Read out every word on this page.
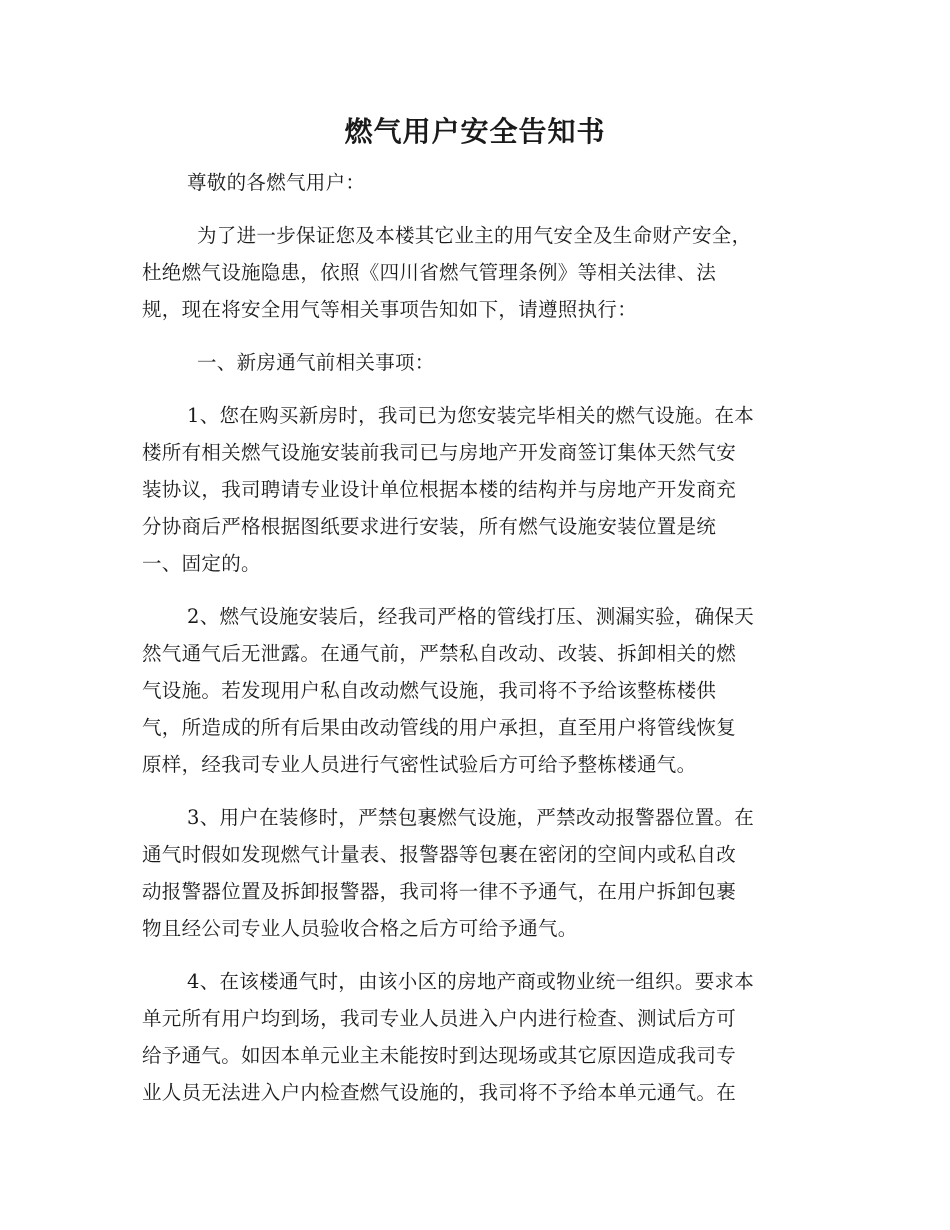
燃气用户安全告知书
尊敬的各燃气用户：
为了进一步保证您及本楼其它业主的用气安全及生命财产安全，
杜绝燃气设施隐患，依照《四川省燃气管理条例》等相关法律、法
规，现在将安全用气等相关事项告知如下，请遵照执行：
一、新房通气前相关事项：
1、您在购买新房时，我司已为您安装完毕相关的燃气设施。在本
楼所有相关燃气设施安装前我司已与房地产开发商签订集体天然气安
装协议，我司聘请专业设计单位根据本楼的结构并与房地产开发商充
分协商后严格根据图纸要求进行安装，所有燃气设施安装位置是统
一、固定的。
2、燃气设施安装后，经我司严格的管线打压、测漏实验，确保天
然气通气后无泄露。在通气前，严禁私自改动、改装、拆卸相关的燃
气设施。若发现用户私自改动燃气设施，我司将不予给该整栋楼供
气，所造成的所有后果由改动管线的用户承担，直至用户将管线恢复
原样，经我司专业人员进行气密性试验后方可给予整栋楼通气。
3、用户在装修时，严禁包裹燃气设施，严禁改动报警器位置。在
通气时假如发现燃气计量表、报警器等包裹在密闭的空间内或私自改
动报警器位置及拆卸报警器，我司将一律不予通气，在用户拆卸包裹
物且经公司专业人员验收合格之后方可给予通气。
4、在该楼通气时，由该小区的房地产商或物业统一组织。要求本
单元所有用户均到场，我司专业人员进入户内进行检查、测试后方可
给予通气。如因本单元业主未能按时到达现场或其它原因造成我司专
业人员无法进入户内检查燃气设施的，我司将不予给本单元通气。在
